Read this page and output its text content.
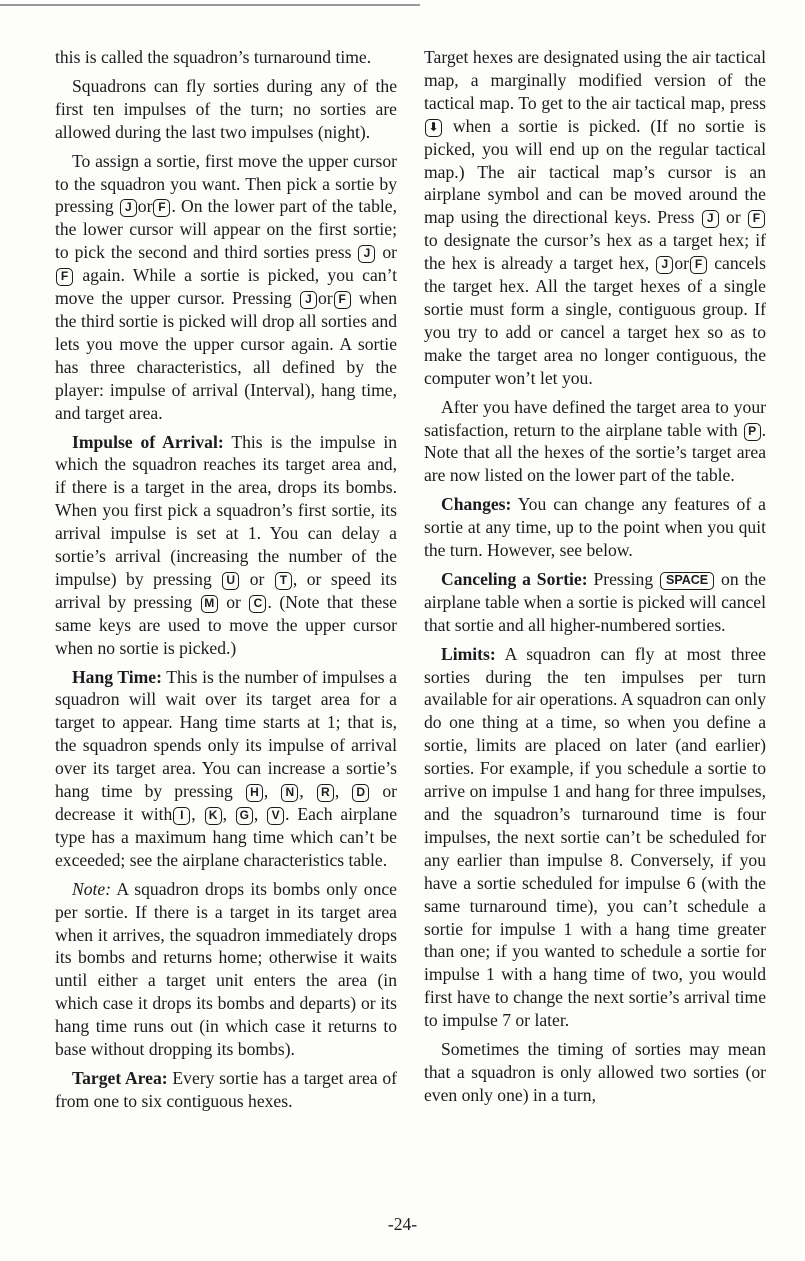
this is called the squadron’s turnaround time.

Squadrons can fly sorties during any of the first ten impulses of the turn; no sorties are allowed during the last two impulses (night).

To assign a sortie, first move the upper cursor to the squadron you want. Then pick a sortie by pressing J or F . On the lower part of the table, the lower cursor will appear on the first sortie; to pick the second and third sorties press J or F again. While a sortie is picked, you can’t move the upper cursor. Pressing J or F when the third sortie is picked will drop all sorties and lets you move the upper cursor again. A sortie has three characteristics, all defined by the player: impulse of arrival (Interval), hang time, and target area.

Impulse of Arrival: This is the impulse in which the squadron reaches its target area and, if there is a target in the area, drops its bombs. When you first pick a squadron’s first sortie, its arrival impulse is set at 1. You can delay a sortie’s arrival (increasing the number of the impulse) by pressing U or T , or speed its arrival by pressing M or C . (Note that these same keys are used to move the upper cursor when no sortie is picked.)

Hang Time: This is the number of impulses a squadron will wait over its target area for a target to appear. Hang time starts at 1; that is, the squadron spends only its impulse of arrival over its target area. You can increase a sortie’s hang time by pressing H , N , R , D or decrease it with I , K , G , V . Each airplane type has a maximum hang time which can’t be exceeded; see the airplane characteristics table.

Note: A squadron drops its bombs only once per sortie. If there is a target in its target area when it arrives, the squadron immediately drops its bombs and returns home; otherwise it waits until either a target unit enters the area (in which case it drops its bombs and departs) or its hang time runs out (in which case it returns to base without dropping its bombs).

Target Area: Every sortie has a target area of from one to six contiguous hexes.

Target hexes are designated using the air tactical map, a marginally modified version of the tactical map. To get to the air tactical map, press ⬇ when a sortie is picked. (If no sortie is picked, you will end up on the regular tactical map.) The air tactical map’s cursor is an airplane symbol and can be moved around the map using the directional keys. Press J or F to designate the cursor’s hex as a target hex; if the hex is already a target hex, J or F cancels the target hex. All the target hexes of a single sortie must form a single, contiguous group. If you try to add or cancel a target hex so as to make the target area no longer contiguous, the computer won’t let you.

After you have defined the target area to your satisfaction, return to the airplane table with P . Note that all the hexes of the sortie’s target area are now listed on the lower part of the table.

Changes: You can change any features of a sortie at any time, up to the point when you quit the turn. However, see below.

Canceling a Sortie: Pressing SPACE on the airplane table when a sortie is picked will cancel that sortie and all higher-numbered sorties.

Limits: A squadron can fly at most three sorties during the ten impulses per turn available for air operations. A squadron can only do one thing at a time, so when you define a sortie, limits are placed on later (and earlier) sorties. For example, if you schedule a sortie to arrive on impulse 1 and hang for three impulses, and the squadron’s turnaround time is four impulses, the next sortie can’t be scheduled for any earlier than impulse 8. Conversely, if you have a sortie scheduled for impulse 6 (with the same turnaround time), you can’t schedule a sortie for impulse 1 with a hang time greater than one; if you wanted to schedule a sortie for impulse 1 with a hang time of two, you would first have to change the next sortie’s arrival time to impulse 7 or later.

Sometimes the timing of sorties may mean that a squadron is only allowed two sorties (or even only one) in a turn,

-24-
